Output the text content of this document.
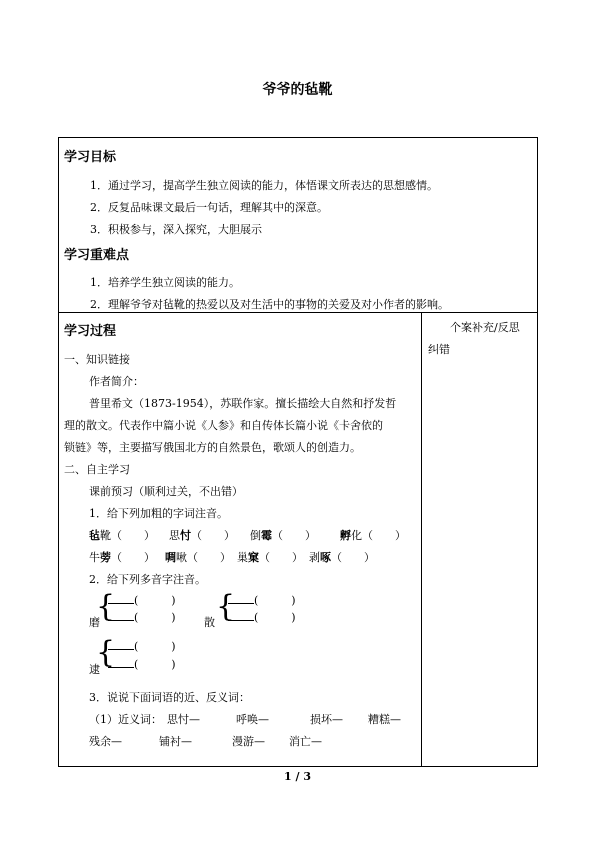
爷爷的毡靴
学习目标
1．通过学习，提高学生独立阅读的能力，体悟课文所表达的思想感情。
2．反复品味课文最后一句话，理解其中的深意。
3．积极参与，深入探究，大胆展示
学习重难点
1．培养学生独立阅读的能力。
2．理解爷爷对毡靴的热爱以及对生活中的事物的关爱及对小作者的影响。
学习过程	个案补充/反思
纠错
一、知识链接
作者简介：
普里希文（1873-1954），苏联作家。擅长描绘大自然和抒发哲
理的散文。代表作中篇小说《人参》和自传体长篇小说《卡舍依的
锁链》等，主要描写俄国北方的自然景色，歌颂人的创造力。
二、自主学习
课前预习（顺利过关，不出错）
1．给下列加粗的字词注音。
毡靴（　　） 思忖（　　） 倒霉（　　） 孵化（　　）
牛蒡（　　） 啁啾（　　） 巢窠（　　） 剥啄（　　）
2．给下列多音字注音。
{	(　　　)
(　　　)
磨	{	(　　　)
(　　　)
散
{	(　　　)
(　　　)
逮
3．说说下面词语的近、反义词：
（1）近义词： 思忖—	呼唤—	损坏— 糟糕—
残余—	铺衬—	漫游— 消亡—
1 / 3
